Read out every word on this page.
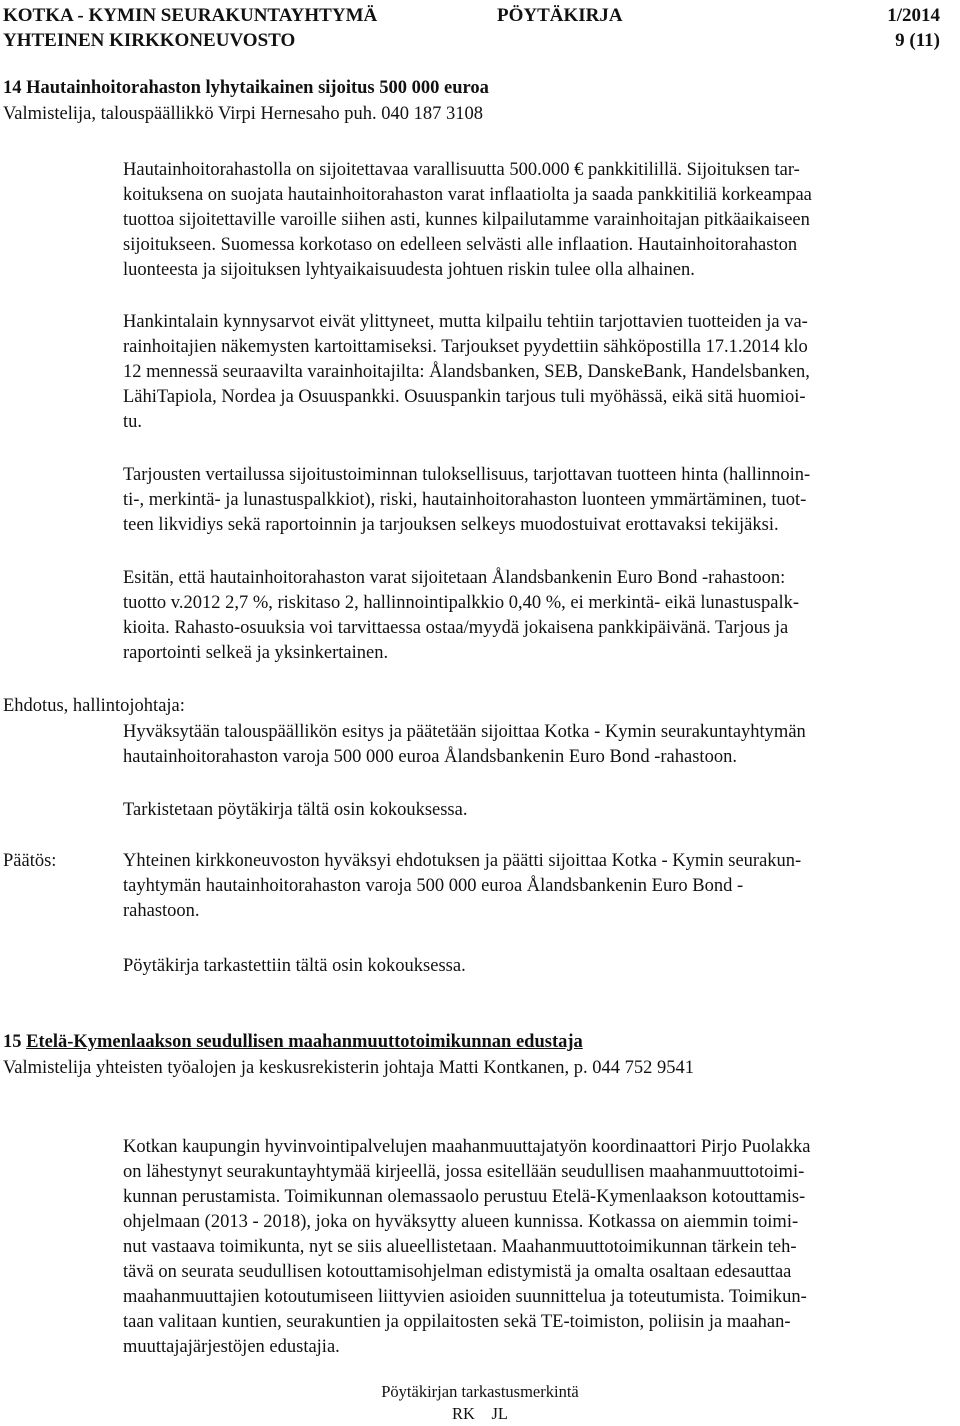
KOTKA - KYMIN SEURAKUNTAYHTYMÄ
YHTEINEN KIRKKONEUVOSTO
PÖYTÄKIRJA	1/2014
9 (11)
14 Hautainhoitorahaston lyhytaikainen sijoitus 500 000 euroa
Valmistelija, talouspäällikkö Virpi Hernesaho puh. 040 187 3108
Hautainhoitorahastolla on sijoitettavaa varallisuutta 500.000 € pankkitilillä. Sijoituksen tar-
koituksena on suojata hautainhoitorahaston varat inflaatiolta ja saada pankkitiliä korkeampaa
tuottoa sijoitettaville varoille siihen asti, kunnes kilpailutamme varainhoitajan pitkäaikaiseen
sijoitukseen. Suomessa korkotaso on edelleen selvästi alle inflaation. Hautainhoitorahaston
luonteesta ja sijoituksen lyhtyaikaisuudesta johtuen riskin tulee olla alhainen.
Hankintalain kynnysarvot eivät ylittyneet, mutta kilpailu tehtiin tarjottavien tuotteiden ja va-
rainhoitajien näkemysten kartoittamiseksi. Tarjoukset pyydettiin sähköpostilla 17.1.2014 klo
12 mennessä seuraavilta varainhoitajilta: Ålandsbanken, SEB, DanskeBank, Handelsbanken,
LähiTapiola, Nordea ja Osuuspankki. Osuuspankin tarjous tuli myöhässä, eikä sitä huomioi-
tu.
Tarjousten vertailussa sijoitustoiminnan tuloksellisuus, tarjottavan tuotteen hinta (hallinnoin-
ti-, merkintä- ja lunastuspalkkiot), riski, hautainhoitorahaston luonteen ymmärtäminen, tuot-
teen likvidiys sekä raportoinnin ja tarjouksen selkeys muodostuivat erottavaksi tekijäksi.
Esitän, että hautainhoitorahaston varat sijoitetaan Ålandsbankenin Euro Bond -rahastoon:
tuotto v.2012 2,7 %, riskitaso 2, hallinnointipalkkio 0,40 %, ei merkintä- eikä lunastuspalk-
kioita. Rahasto-osuuksia voi tarvittaessa ostaa/myydä jokaisena pankkipäivänä. Tarjous ja
raportointi selkeä ja yksinkertainen.
Ehdotus, hallintojohtaja:
Hyväksytään talouspäällikön esitys ja päätetään sijoittaa Kotka - Kymin seurakuntayhtymän
hautainhoitorahaston varoja 500 000 euroa Ålandsbankenin Euro Bond -rahastoon.
Tarkistetaan pöytäkirja tältä osin kokouksessa.
Päätös:	Yhteinen kirkkoneuvoston hyväksyi ehdotuksen ja päätti sijoittaa Kotka - Kymin seurakun-
tayhtymän hautainhoitorahaston varoja 500 000 euroa Ålandsbankenin Euro Bond -
rahastoon.
Pöytäkirja tarkastettiin tältä osin kokouksessa.
15 Etelä-Kymenlaakson seudullisen maahanmuuttotoimikunnan edustaja
Valmistelija yhteisten työalojen ja keskusrekisterin johtaja Matti Kontkanen, p. 044 752 9541
Kotkan kaupungin hyvinvointipalvelujen maahanmuuttajatyön koordinaattori Pirjo Puolakka
on lähestynyt seurakuntayhtymää kirjeellä, jossa esitellään seudullisen maahanmuuttotoimi-
kunnan perustamista. Toimikunnan olemassaolo perustuu Etelä-Kymenlaakson kotouttamis-
ohjelmaan (2013 - 2018), joka on hyväksytty alueen kunnissa. Kotkassa on aiemmin toimi-
nut vastaava toimikunta, nyt se siis alueellistetaan. Maahanmuuttotoimikunnan tärkein teh-
tävä on seurata seudullisen kotouttamisohjelman edistymistä ja omalta osaltaan edesauttaa
maahanmuuttajien kotoutumiseen liittyvien asioiden suunnittelua ja toteutumista. Toimikun-
taan valitaan kuntien, seurakuntien ja oppilaitosten sekä TE-toimiston, poliisin ja maahan-
muuttajajärjestöjen edustajia.
Pöytäkirjan tarkastusmerkintä
RK    JL
